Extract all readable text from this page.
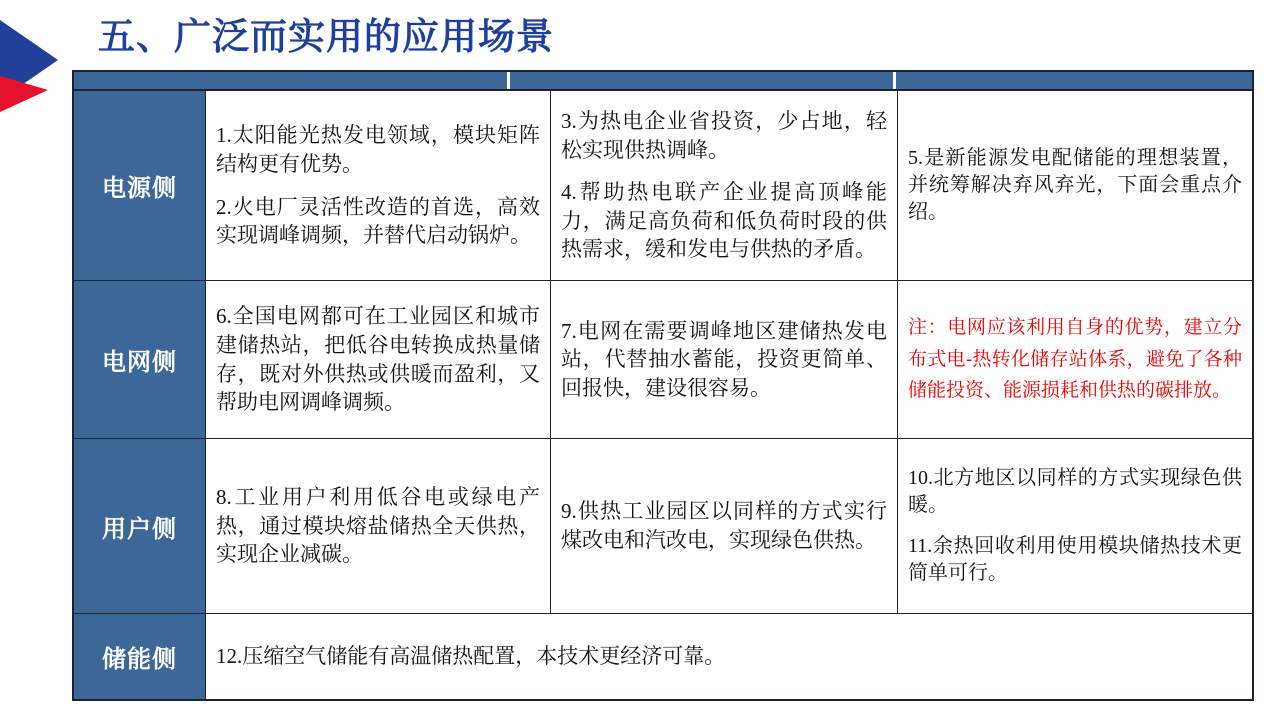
五、广泛而实用的应用场景
电源侧

1.太阳能光热发电领域，模块矩阵结构更有优势。

2.火电厂灵活性改造的首选，高效实现调峰调频，并替代启动锅炉。

3.为热电企业省投资，少占地，轻松实现供热调峰。

4.帮助热电联产企业提高顶峰能力，满足高负荷和低负荷时段的供热需求，缓和发电与供热的矛盾。

5.是新能源发电配储能的理想装置，并统筹解决弃风弃光，下面会重点介绍。

电网侧

6.全国电网都可在工业园区和城市建储热站，把低谷电转换成热量储存，既对外供热或供暖而盈利，又帮助电网调峰调频。

7.电网在需要调峰地区建储热发电站，代替抽水蓄能，投资更简单、回报快，建设很容易。

注：电网应该利用自身的优势，建立分布式电-热转化储存站体系，避免了各种储能投资、能源损耗和供热的碳排放。

用户侧

8.工业用户利用低谷电或绿电产热，通过模块熔盐储热全天供热，实现企业减碳。

9.供热工业园区以同样的方式实行煤改电和汽改电，实现绿色供热。

10.北方地区以同样的方式实现绿色供暖。

11.余热回收利用使用模块储热技术更简单可行。

储能侧	12.压缩空气储能有高温储热配置，本技术更经济可靠。
